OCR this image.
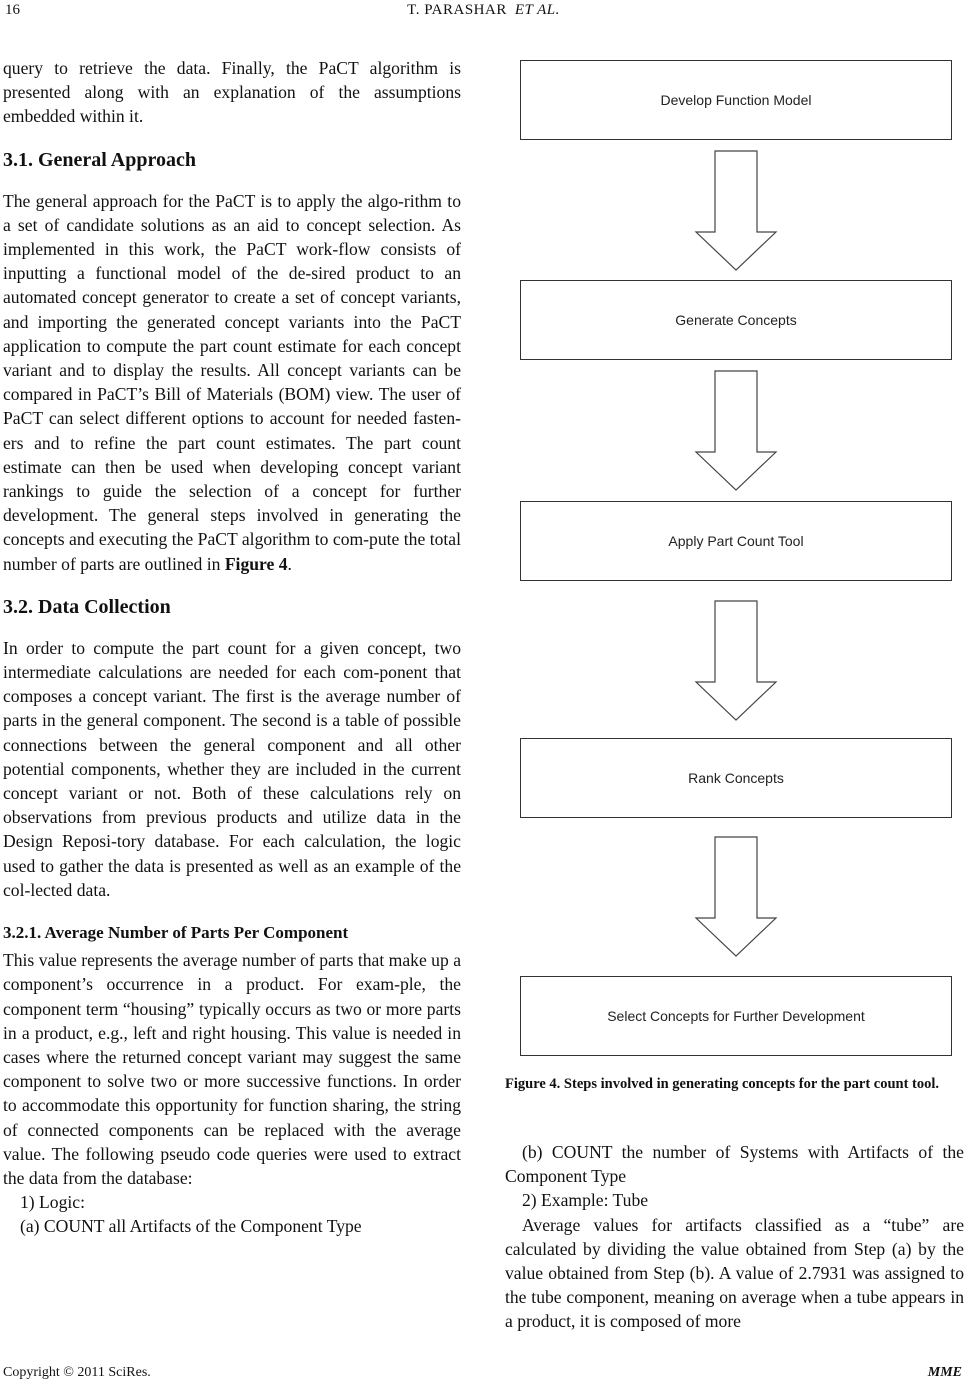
16	T. PARASHAR ET AL.

query to retrieve the data. Finally, the PaCT algorithm is presented along with an explanation of the assumptions embedded within it.

3.1. General Approach

The general approach for the PaCT is to apply the algo-rithm to a set of candidate solutions as an aid to concept selection. As implemented in this work, the PaCT work-flow consists of inputting a functional model of the de-sired product to an automated concept generator to create a set of concept variants, and importing the generated concept variants into the PaCT application to compute the part count estimate for each concept variant and to display the results. All concept variants can be compared in PaCT’s Bill of Materials (BOM) view. The user of PaCT can select different options to account for needed fasten-ers and to refine the part count estimates. The part count estimate can then be used when developing concept variant rankings to guide the selection of a concept for further development. The general steps involved in generating the concepts and executing the PaCT algorithm to com-pute the total number of parts are outlined in Figure 4.

3.2. Data Collection

In order to compute the part count for a given concept, two intermediate calculations are needed for each com-ponent that composes a concept variant. The first is the average number of parts in the general component. The second is a table of possible connections between the general component and all other potential components, whether they are included in the current concept variant or not. Both of these calculations rely on observations from previous products and utilize data in the Design Reposi-tory database. For each calculation, the logic used to gather the data is presented as well as an example of the col-lected data.

3.2.1. Average Number of Parts Per Component

This value represents the average number of parts that make up a component’s occurrence in a product. For exam-ple, the component term “housing” typically occurs as two or more parts in a product, e.g., left and right housing. This value is needed in cases where the returned concept variant may suggest the same component to solve two or more successive functions. In order to accommodate this opportunity for function sharing, the string of connected components can be replaced with the average value. The following pseudo code queries were used to extract the data from the database:

1) Logic:

(a) COUNT all Artifacts of the Component Type

Develop Function Model
Generate Concepts
Apply Part Count Tool
Rank Concepts
Select Concepts for Further Development
Figure 4. Steps involved in generating concepts for the part count tool.

(b) COUNT the number of Systems with Artifacts of the Component Type

2) Example: Tube

Average values for artifacts classified as a “tube” are calculated by dividing the value obtained from Step (a) by the value obtained from Step (b). A value of 2.7931 was assigned to the tube component, meaning on average when a tube appears in a product, it is composed of more

Copyright © 2011 SciRes.	MME
